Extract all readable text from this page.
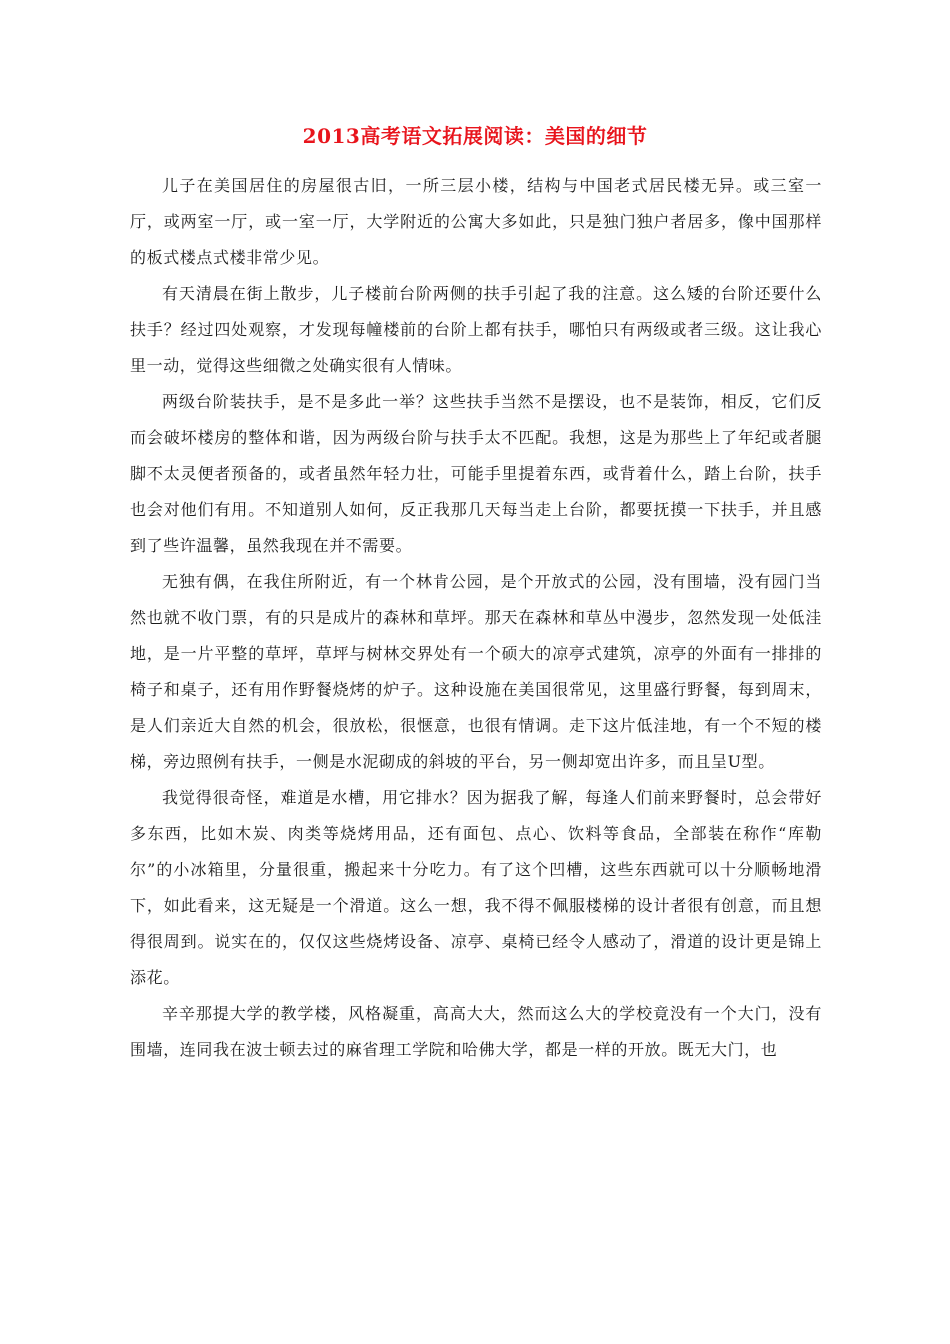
2013高考语文拓展阅读：美国的细节

儿子在美国居住的房屋很古旧，一所三层小楼，结构与中国老式居民楼无异。或三室一厅，或两室一厅，或一室一厅，大学附近的公寓大多如此，只是独门独户者居多，像中国那样的板式楼点式楼非常少见。

有天清晨在街上散步，儿子楼前台阶两侧的扶手引起了我的注意。这么矮的台阶还要什么扶手？经过四处观察，才发现每幢楼前的台阶上都有扶手，哪怕只有两级或者三级。这让我心里一动，觉得这些细微之处确实很有人情味。

两级台阶装扶手，是不是多此一举？这些扶手当然不是摆设，也不是装饰，相反，它们反而会破坏楼房的整体和谐，因为两级台阶与扶手太不匹配。我想，这是为那些上了年纪或者腿脚不太灵便者预备的，或者虽然年轻力壮，可能手里提着东西，或背着什么，踏上台阶，扶手也会对他们有用。不知道别人如何，反正我那几天每当走上台阶，都要抚摸一下扶手，并且感到了些许温馨，虽然我现在并不需要。

无独有偶，在我住所附近，有一个林肯公园，是个开放式的公园，没有围墙，没有园门当然也就不收门票，有的只是成片的森林和草坪。那天在森林和草丛中漫步，忽然发现一处低洼地，是一片平整的草坪，草坪与树林交界处有一个硕大的凉亭式建筑，凉亭的外面有一排排的椅子和桌子，还有用作野餐烧烤的炉子。这种设施在美国很常见，这里盛行野餐，每到周末，是人们亲近大自然的机会，很放松，很惬意，也很有情调。走下这片低洼地，有一个不短的楼梯，旁边照例有扶手，一侧是水泥砌成的斜坡的平台，另一侧却宽出许多，而且呈U型。

我觉得很奇怪，难道是水槽，用它排水？因为据我了解，每逢人们前来野餐时，总会带好多东西，比如木炭、肉类等烧烤用品，还有面包、点心、饮料等食品，全部装在称作“库勒尔”的小冰箱里，分量很重，搬起来十分吃力。有了这个凹槽，这些东西就可以十分顺畅地滑下，如此看来，这无疑是一个滑道。这么一想，我不得不佩服楼梯的设计者很有创意，而且想得很周到。说实在的，仅仅这些烧烤设备、凉亭、桌椅已经令人感动了，滑道的设计更是锦上添花。

辛辛那提大学的教学楼，风格凝重，高高大大，然而这么大的学校竟没有一个大门，没有围墙，连同我在波士顿去过的麻省理工学院和哈佛大学，都是一样的开放。既无大门，也
